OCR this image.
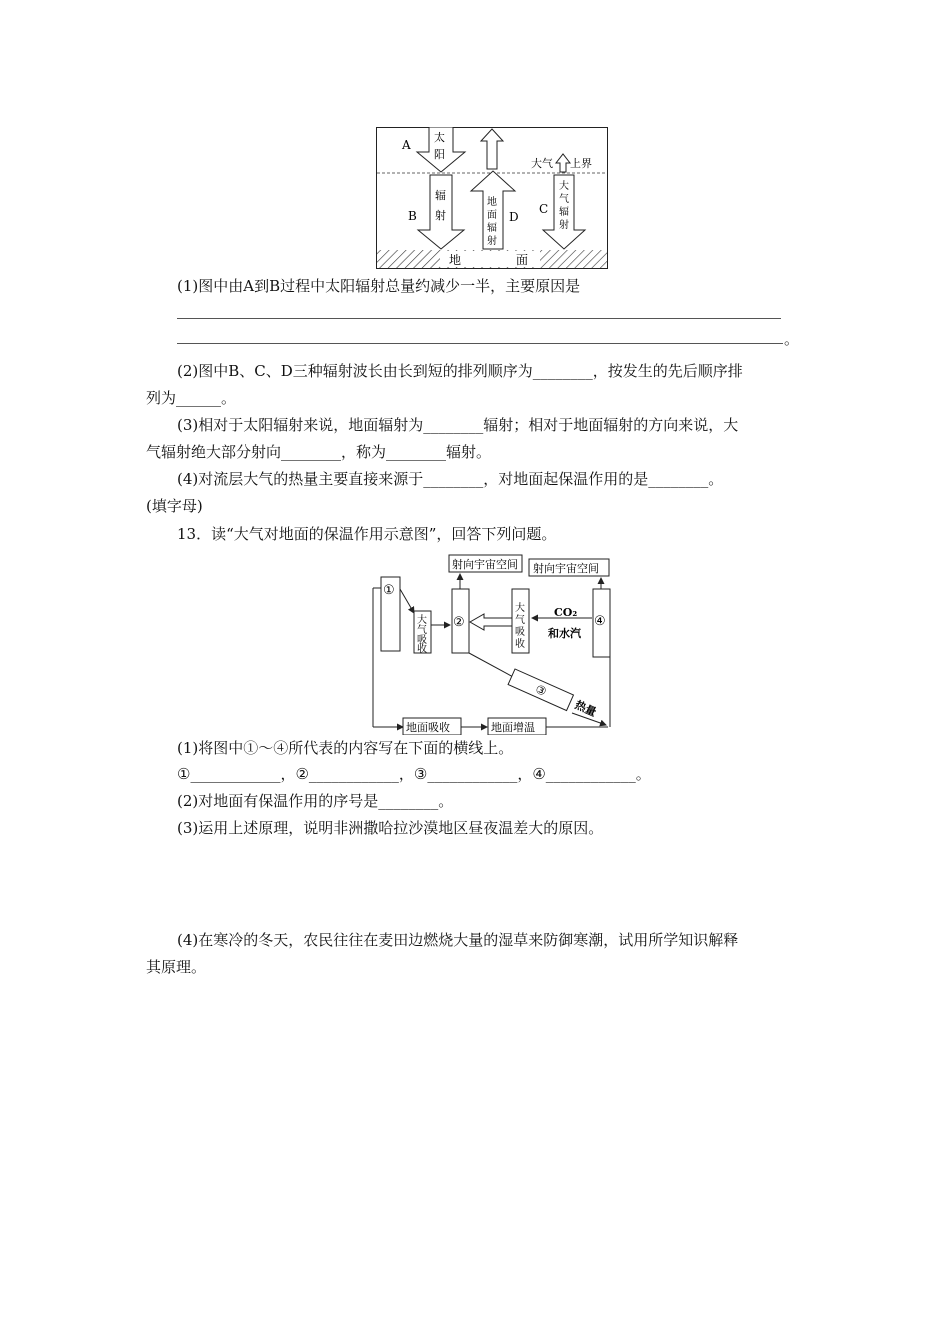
地	面
太
阳
A
辐
射
B
地
面
辐
射
D
大气 上界
大
气
辐
射
C
(1)图中由A到B过程中太阳辐射总量约减少一半，主要原因是
。
(2)图中B、C、D三种辐射波长由长到短的排列顺序为________，按发生的先后顺序排
列为______。
(3)相对于太阳辐射来说，地面辐射为________辐射；相对于地面辐射的方向来说，大
气辐射绝大部分射向________，称为________辐射。
(4)对流层大气的热量主要直接来源于________，对地面起保温作用的是________。
(填字母)
13．读“大气对地面的保温作用示意图”，回答下列问题。
①
大
气
吸
收
射向宇宙空间
②
大
气
吸
收
射向宇宙空间
④
CO₂
和水汽
③
热量
地面吸收	地面增温
(1)将图中①～④所代表的内容写在下面的横线上。
①____________，②____________，③____________，④____________。
(2)对地面有保温作用的序号是________。
(3)运用上述原理，说明非洲撒哈拉沙漠地区昼夜温差大的原因。
(4)在寒冷的冬天，农民往往在麦田边燃烧大量的湿草来防御寒潮，试用所学知识解释
其原理。
